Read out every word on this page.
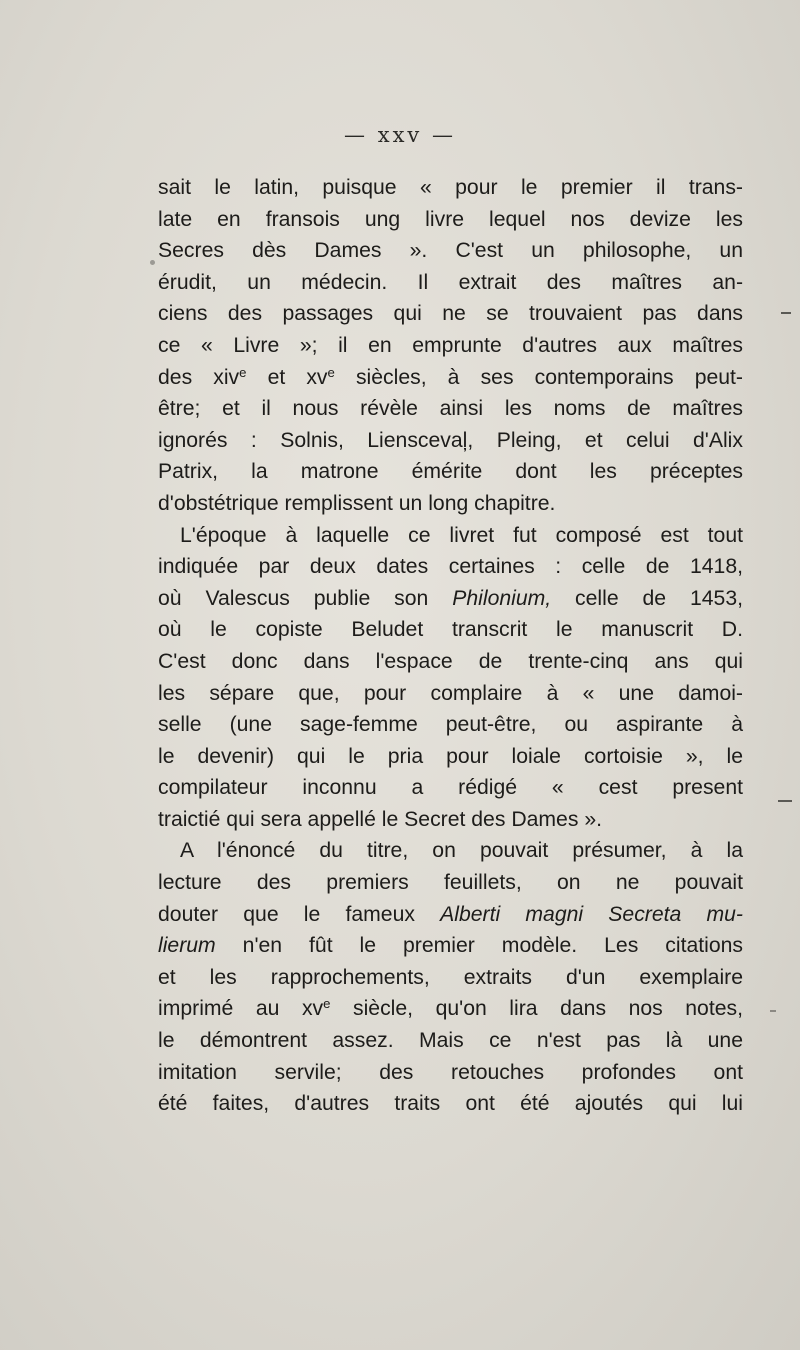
— xxv —
sait le latin, puisque « pour le premier il trans-
late en fransois ung livre lequel nos devize les
Secres dès Dames ». C'est un philosophe, un
érudit, un médecin. Il extrait des maîtres an-
ciens des passages qui ne se trouvaient pas dans
ce « Livre »; il en emprunte d'autres aux maîtres
des xiv$^e$ et $xv^e$ siècles, à ses contemporains peut-
être; et il nous révèle ainsi les noms de maîtres
ignorés : Solnis, Lienscevaļ, Pleing, et celui d'Alix
Patrix, la matrone émérite dont les préceptes
d'obstétrique remplissent un long chapitre.
L'époque à laquelle ce livret fut composé est tout
indiquée par deux dates certaines : celle de 1418,
où Valescus publie son Philonium, celle de 1453,
où le copiste Beludet transcrit le manuscrit D.
C'est donc dans l'espace de trente-cinq ans qui
les sépare que, pour complaire à « une damoi-
selle (une sage-femme peut-être, ou aspirante à
le devenir) qui le pria pour loiale cortoisie », le
compilateur inconnu a rédigé « cest present
traictié qui sera appellé le Secret des Dames ».
A l'énoncé du titre, on pouvait présumer, à la
lecture des premiers feuillets, on ne pouvait
douter que le fameux Alberti magni Secreta mu-
lierum n'en fût le premier modèle. Les citations
et les rapprochements, extraits d'un exemplaire
imprimé au $xv^e$ siècle, qu'on lira dans nos notes,
le démontrent assez. Mais ce n'est pas là une
imitation servile; des retouches profondes ont
été faites, d'autres traits ont été ajoutés qui lui
